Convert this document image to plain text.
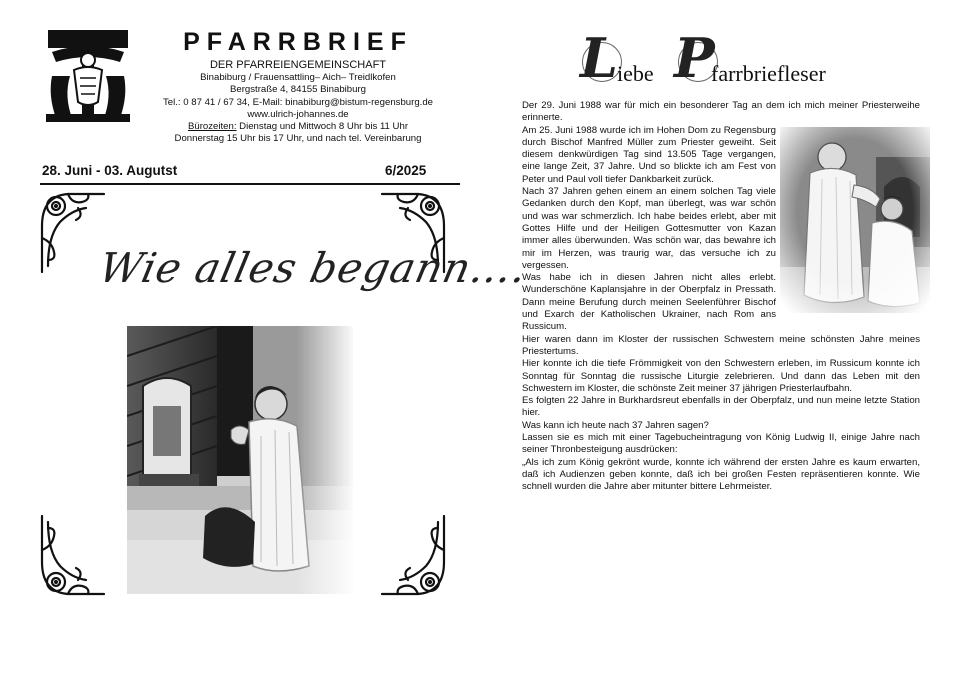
PFARRBRIEF
DER PFARREIENGEMEINSCHAFT
Binabiburg / Frauensattling– Aich– Treidlkofen
Bergstraße 4, 84155 Binabiburg
Tel.: 0 87 41 / 67 34, E-Mail: binabiburg@bistum-regensburg.de
www.ulrich-johannes.de
Bürozeiten: Dienstag und Mittwoch 8 Uhr bis 11 Uhr
Donnerstag 15 Uhr bis 17 Uhr, und nach tel. Vereinbarung
28. Juni - 03. Augutst	6/2025
Wie alles begann….
L iebe P
farrbriefleser

Der 29. Juni 1988 war für mich ein besonderer Tag an dem ich mich meiner Priesterweihe erinnerte.

Am 25. Juni 1988 wurde ich im Hohen Dom zu Regensburg durch Bischof Manfred Müller zum Priester geweiht. Seit diesem denkwürdigen Tag sind 13.505 Tage vergangen, eine lange Zeit, 37 Jahre. Und so blickte ich am Fest von Peter und Paul voll tiefer Dankbarkeit zurück.

Nach 37 Jahren gehen einem an einem solchen Tag viele Gedanken durch den Kopf, man überlegt, was war schön und was war schmerzlich. Ich habe beides erlebt, aber mit Gottes Hilfe und der Heiligen Gottesmutter von Kazan immer alles überwunden. Was schön war, das bewahre ich mir im Herzen, was traurig war, das versuche ich zu vergessen.

Was habe ich in diesen Jahren nicht alles erlebt. Wunderschöne Kaplansjahre in der Oberpfalz in Pressath. Dann meine Berufung durch meinen Seelenführer Bischof und Exarch der Katholischen Ukrainer, nach Rom ans Russicum.

Hier waren dann im Kloster der russischen Schwestern meine schönsten Jahre meines Priestertums.

Hier konnte ich die tiefe Frömmigkeit von den Schwestern erleben, im Russicum konnte ich Sonntag für Sonntag die russische Liturgie zelebrieren. Und dann das Leben mit den Schwestern im Kloster, die schönste Zeit meiner 37 jährigen Priesterlaufbahn.

Es folgten 22 Jahre in Burkhardsreut ebenfalls in der Oberpfalz, und nun meine letzte Station hier.

Was kann ich heute nach 37 Jahren sagen?

Lassen sie es mich mit einer Tagebucheintragung von König Ludwig II, einige Jahre nach seiner Thronbesteigung ausdrücken:

„Als ich zum König gekrönt wurde, konnte ich während der ersten Jahre es kaum erwarten, daß ich Audienzen geben konnte, daß ich bei großen Festen repräsentieren konnte. Wie schnell wurden die Jahre aber mitunter bittere Lehrmeister.
